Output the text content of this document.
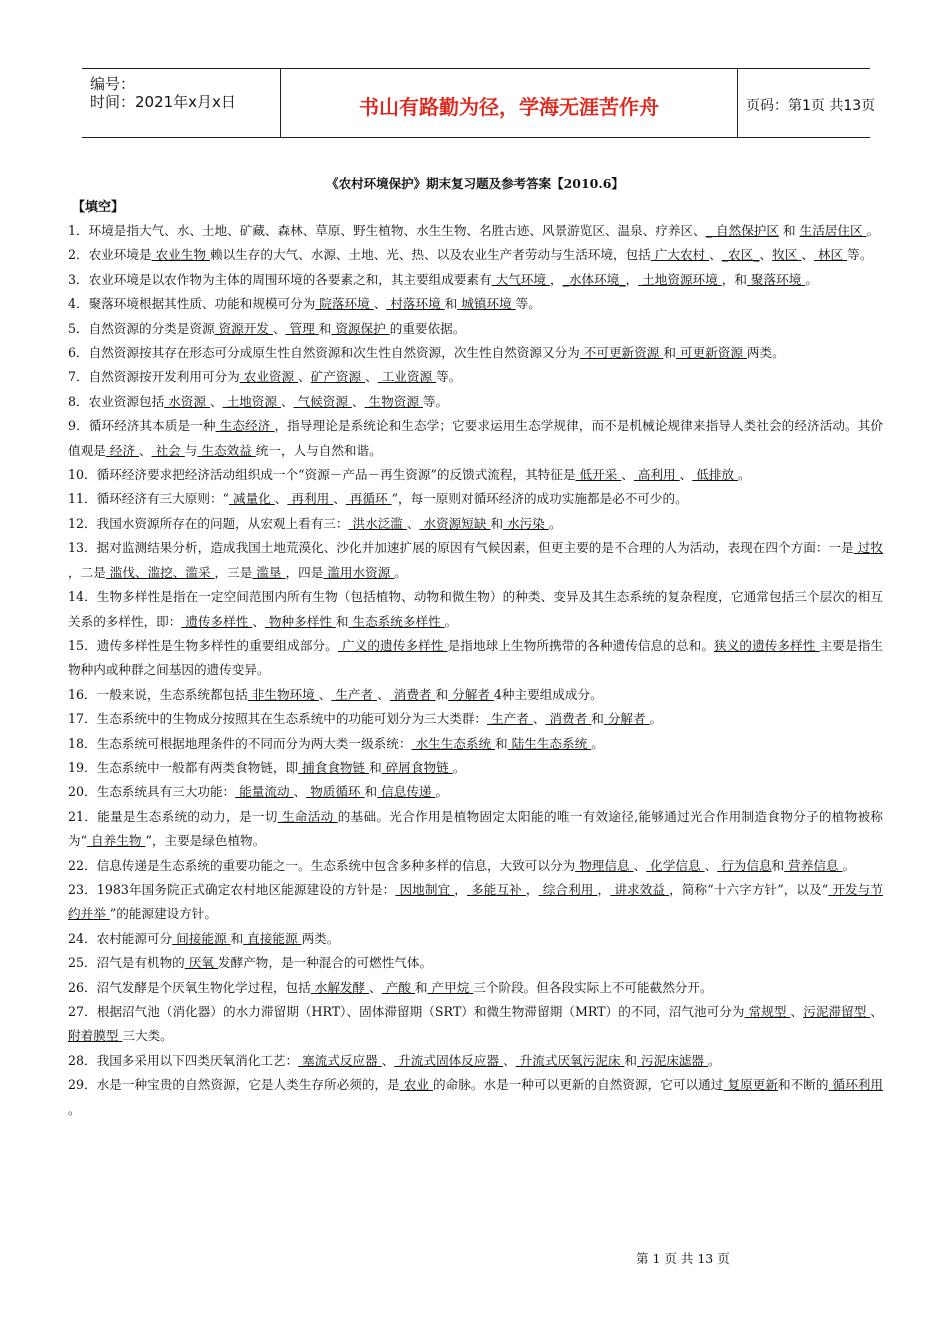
编号：
时间：2021年x月x日	书山有路勤为径，学海无涯苦作舟	页码：第1页 共13页
《农村环境保护》期末复习题及参考答案【2010.6】
【填空】

1．环境是指大气、水、土地、矿藏、森林、草原、野生植物、水生生物、名胜古迹、风景游览区、温泉、疗养区、_ 自然保护区 和 生活居住区 。

2．农业环境是 农业生物 赖以生存的大气、水源、土地、光、热、以及农业生产者劳动与生活环境，包括 广大农村 、_农区_、牧区 、 林区 等。

3．农业环境是以农作物为主体的周围环境的各要素之和，其主要组成要素有 大气环境 ，_水体环境_， 土地资源环境 ，和 聚落环境 。

4．聚落环境根据其性质、功能和规模可分为 院落环境 、 村落环境 和 城镇环境 等。

5．自然资源的分类是资源 资源开发 、 管理 和 资源保护 的重要依据。

6．自然资源按其存在形态可分成原生性自然资源和次生性自然资源，次生性自然资源又分为 不可更新资源 和 可更新资源 两类。

7．自然资源按开发利用可分为 农业资源 、矿产资源 、 工业资源 等。

8．农业资源包括 水资源 、 土地资源 、 气候资源 、 生物资源 等。

9．循环经济其本质是一种 生态经济 ，指导理论是系统论和生态学；它要求运用生态学规律，而不是机械论规律来指导人类社会的经济活动。其价值观是 经济 、 社会 与 生态效益 统一，人与自然和谐。

10．循环经济要求把经济活动组织成一个“资源－产品－再生资源”的反馈式流程，其特征是 低开采 、 高利用 、 低排放 。

11．循环经济有三大原则：“ 减量化 、 再利用 、 再循环 ”，每一原则对循环经济的成功实施都是必不可少的。

12．我国水资源所存在的问题，从宏观上看有三： 洪水泛滥 、 水资源短缺 和 水污染 。

13．据对监测结果分析，造成我国土地荒漠化、沙化并加速扩展的原因有气候因素，但更主要的是不合理的人为活动，表现在四个方面：一是 过牧 ，二是 滥伐、滥挖、滥采 ，三是 滥垦 ，四是 滥用水资源 。

14．生物多样性是指在一定空间范围内所有生物（包括植物、动物和微生物）的种类、变异及其生态系统的复杂程度，它通常包括三个层次的相互关系的多样性，即： 遗传多样性 、 物种多样性 和 生态系统多样性 。

15．遗传多样性是生物多样性的重要组成部分。 广义的遗传多样性 是指地球上生物所携带的各种遗传信息的总和。狭义的遗传多样性 主要是指生物种内或种群之间基因的遗传变异。

16．一般来说，生态系统都包括 非生物环境 、 生产者 、 消费者 和 分解者 4种主要组成成分。

17．生态系统中的生物成分按照其在生态系统中的功能可划分为三大类群： 生产者 、 消费者 和 分解者 。

18．生态系统可根据地理条件的不同而分为两大类一级系统： 水生生态系统 和 陆生生态系统 。

19．生态系统中一般都有两类食物链，即 捕食食物链 和 碎屑食物链 。

20．生态系统具有三大功能： 能量流动 、 物质循环 和 信息传递 。

21．能量是生态系统的动力，是一切 生命活动 的基础。光合作用是植物固定太阳能的唯一有效途径,能够通过光合作用制造食物分子的植物被称为“ 自养生物 ”，主要是绿色植物。

22．信息传递是生态系统的重要功能之一。生态系统中包含多种多样的信息，大致可以分为 物理信息 、 化学信息 、 行为信息和 营养信息 。

23．1983年国务院正式确定农村地区能源建设的方针是： 因地制宜 ， 多能互补 ， 综合利用 ， 讲求效益 ，简称“十六字方针”，以及“ 开发与节约并举 ”的能源建设方针。

24．农村能源可分 间接能源 和 直接能源 两类。

25．沼气是有机物的 厌氧 发酵产物，是一种混合的可燃性气体。

26．沼气发酵是个厌氧生物化学过程，包括 水解发酵 、 产酸 和 产甲烷 三个阶段。但各段实际上不可能截然分开。

27．根据沼气池（消化器）的水力滞留期（HRT）、固体滞留期（SRT）和微生物滞留期（MRT）的不同，沼气池可分为 常规型 、污泥滞留型 、 附着膜型 三大类。

28．我国多采用以下四类厌氧消化工艺： 塞流式反应器 、 升流式固体反应器 、 升流式厌氧污泥床 和 污泥床滤器 。

29．水是一种宝贵的自然资源，它是人类生存所必须的，是 农业 的命脉。水是一种可以更新的自然资源，它可以通过 复原更新和不断的 循环利用 。

第 1 页 共 13 页
